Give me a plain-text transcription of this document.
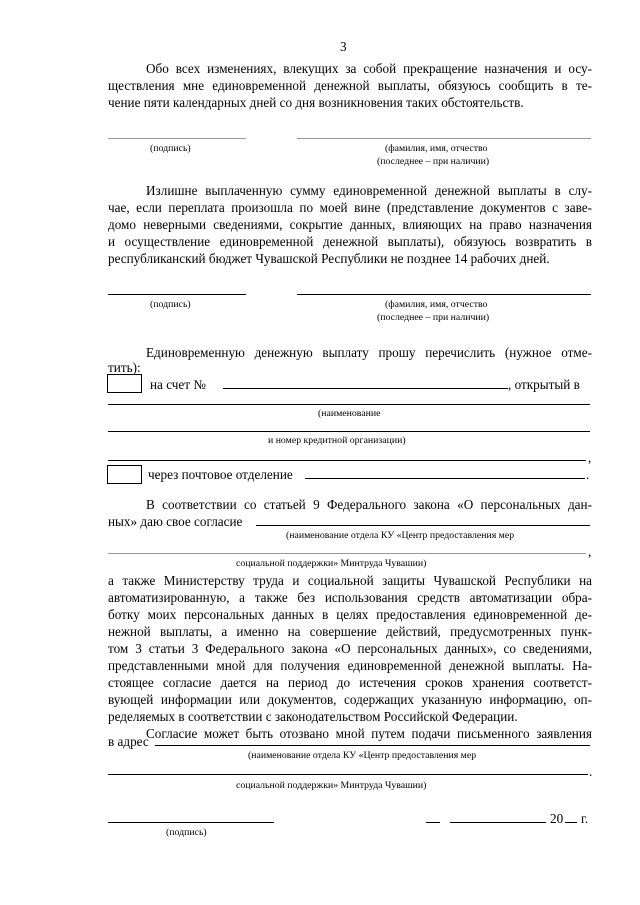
3
Обо всех изменениях, влекущих за собой прекращение назначения и осу-
ществления мне единовременной денежной выплаты, обязуюсь сообщить в те-
чение пяти календарных дней со дня возникновения таких обстоятельств.
(подпись)	(фамилия, имя, отчество
(последнее – при наличии)
Излишне выплаченную сумму единовременной денежной выплаты в слу-
чае, если переплата произошла по моей вине (представление документов с заве-
домо неверными сведениями, сокрытие данных, влияющих на право назначения
и осуществление единовременной денежной выплаты), обязуюсь возвратить в
республиканский бюджет Чувашской Республики не позднее 14 рабочих дней.
(подпись)	(фамилия, имя, отчество
(последнее – при наличии)
Единовременную денежную выплату прошу перечислить (нужное отме-
тить):
на счет №	, открытый в
(наименование
и номер кредитной организации)
,
через почтовое отделение	.
В соответствии со статьей 9 Федерального закона «О персональных дан-
ных» даю свое согласие
(наименование отдела КУ «Центр предоставления мер
,
социальной поддержки» Минтруда Чувашии)
а также Министерству труда и социальной защиты Чувашской Республики на
автоматизированную, а также без использования средств автоматизации обра-
ботку моих персональных данных в целях предоставления единовременной де-
нежной выплаты, а именно на совершение действий, предусмотренных пунк-
том 3 статьи 3 Федерального закона «О персональных данных», со сведениями,
представленными мной для получения единовременной денежной выплаты. На-
стоящее согласие дается на период до истечения сроков хранения соответст-
вующей информации или документов, содержащих указанную информацию, оп-
ределяемых в соответствии с законодательством Российской Федерации.
Согласие может быть отозвано мной путем подачи письменного заявления
в адрес
(наименование отдела КУ «Центр предоставления мер
.
социальной поддержки» Минтруда Чувашии)
(подпись)
20 г.
